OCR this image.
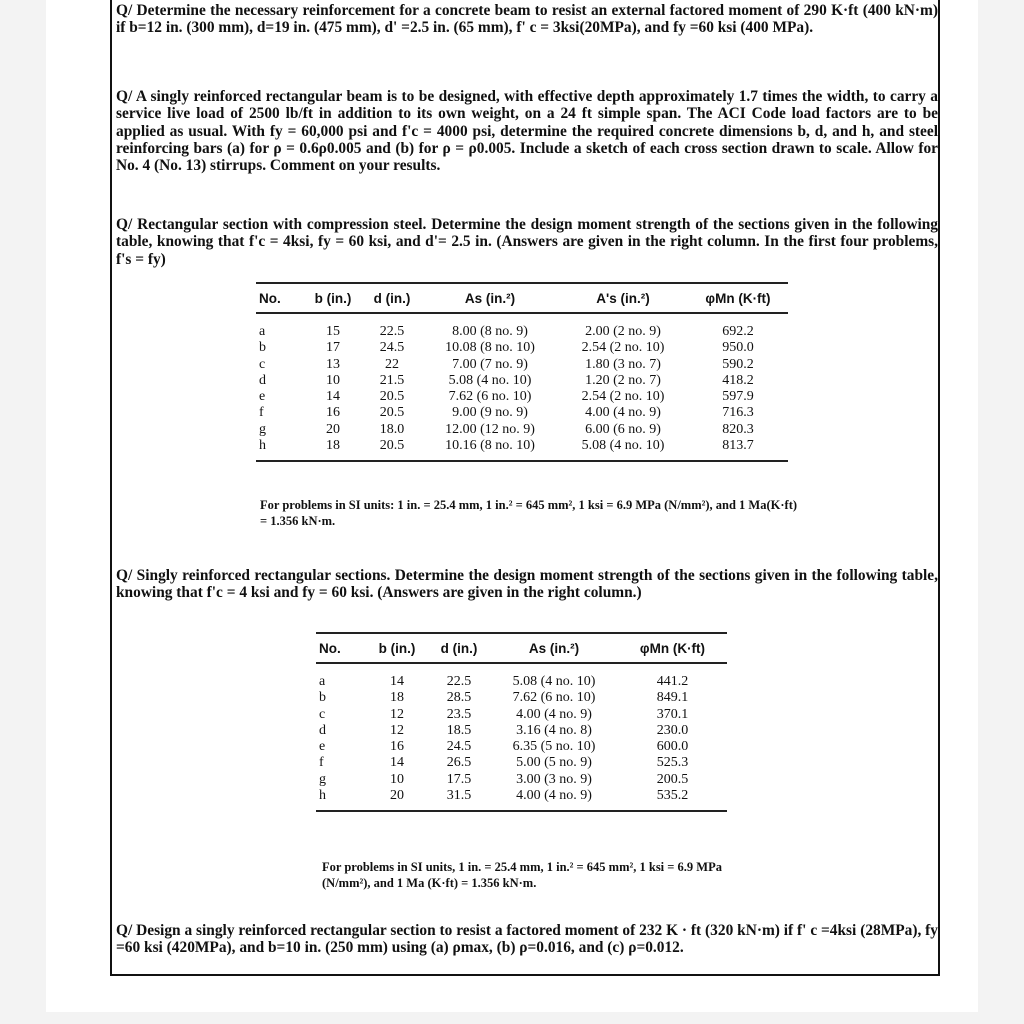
Q/ Determine the necessary reinforcement for a concrete beam to resist an external factored moment of 290 K·ft (400 kN·m) if b=12 in. (300 mm), d=19 in. (475 mm), d' =2.5 in. (65 mm), f' c = 3ksi(20MPa), and fy =60 ksi (400 MPa).
Q/ A singly reinforced rectangular beam is to be designed, with effective depth approximately 1.7 times the width, to carry a service live load of 2500 lb/ft in addition to its own weight, on a 24 ft simple span. The ACI Code load factors are to be applied as usual. With fy = 60,000 psi and f'c = 4000 psi, determine the required concrete dimensions b, d, and h, and steel reinforcing bars (a) for ρ = 0.6ρ0.005 and (b) for ρ = ρ0.005. Include a sketch of each cross section drawn to scale. Allow for No. 4 (No. 13) stirrups. Comment on your results.
Q/ Rectangular section with compression steel. Determine the design moment strength of the sections given in the following table, knowing that f'c = 4ksi, fy = 60 ksi, and d'= 2.5 in. (Answers are given in the right column. In the first four problems, f's = fy)
No.	b (in.)	d (in.)	As (in.²)	A's (in.²)	φMn (K·ft)
a	15	22.5	8.00 (8 no. 9)	2.00 (2 no. 9)	692.2
b	17	24.5	10.08 (8 no. 10)	2.54 (2 no. 10)	950.0
c	13	22	7.00 (7 no. 9)	1.80 (3 no. 7)	590.2
d	10	21.5	5.08 (4 no. 10)	1.20 (2 no. 7)	418.2
e	14	20.5	7.62 (6 no. 10)	2.54 (2 no. 10)	597.9
f	16	20.5	9.00 (9 no. 9)	4.00 (4 no. 9)	716.3
g	20	18.0	12.00 (12 no. 9)	6.00 (6 no. 9)	820.3
h	18	20.5	10.16 (8 no. 10)	5.08 (4 no. 10)	813.7
For problems in SI units: 1 in. = 25.4 mm, 1 in.² = 645 mm², 1 ksi = 6.9 MPa (N/mm²), and 1 Ma(K·ft) = 1.356 kN·m.
Q/ Singly reinforced rectangular sections. Determine the design moment strength of the sections given in the following table, knowing that f'c = 4 ksi and fy = 60 ksi. (Answers are given in the right column.)
No.	b (in.)	d (in.)	As (in.²)	φMn (K·ft)
a	14	22.5	5.08 (4 no. 10)	441.2
b	18	28.5	7.62 (6 no. 10)	849.1
c	12	23.5	4.00 (4 no. 9)	370.1
d	12	18.5	3.16 (4 no. 8)	230.0
e	16	24.5	6.35 (5 no. 10)	600.0
f	14	26.5	5.00 (5 no. 9)	525.3
g	10	17.5	3.00 (3 no. 9)	200.5
h	20	31.5	4.00 (4 no. 9)	535.2
For problems in SI units, 1 in. = 25.4 mm, 1 in.² = 645 mm², 1 ksi = 6.9 MPa (N/mm²), and 1 Ma (K·ft) = 1.356 kN·m.
Q/ Design a singly reinforced rectangular section to resist a factored moment of 232 K · ft (320 kN·m) if f' c =4ksi (28MPa), fy =60 ksi (420MPa), and b=10 in. (250 mm) using (a) ρmax, (b) ρ=0.016, and (c) ρ=0.012.
